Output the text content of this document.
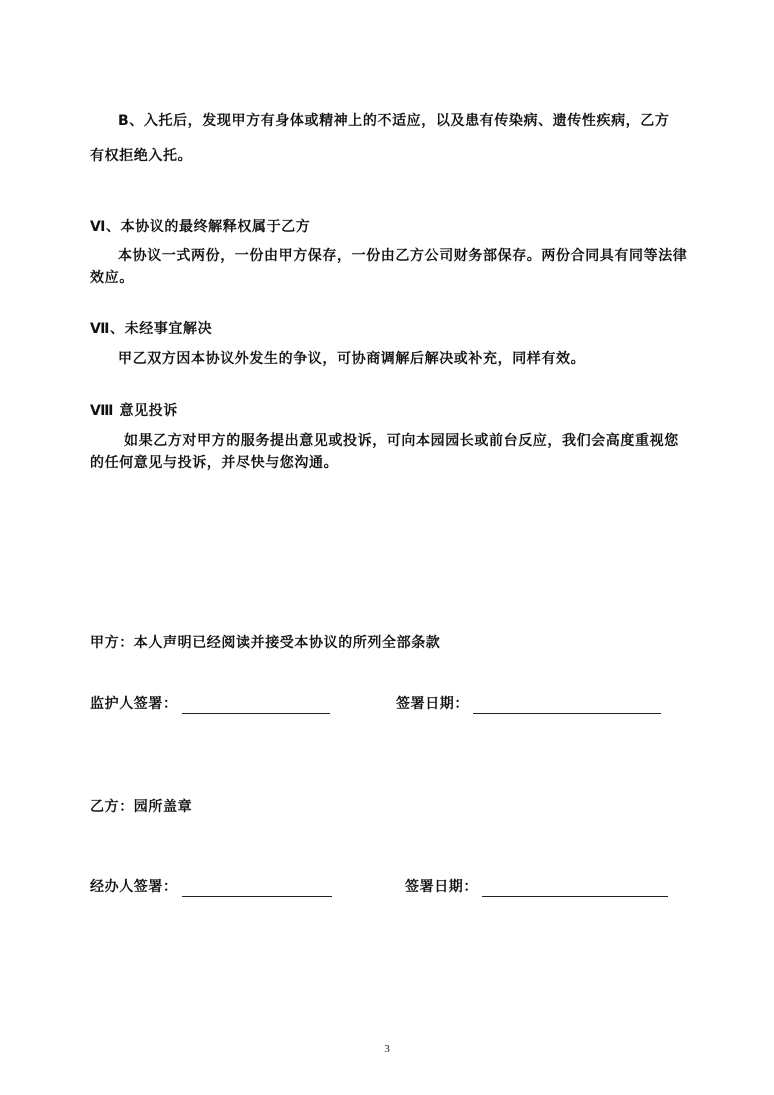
B、入托后，发现甲方有身体或精神上的不适应，以及患有传染病、遗传性疾病，乙方

有权拒绝入托。

Ⅵ、本协议的最终解释权属于乙方

本协议一式两份，一份由甲方保存，一份由乙方公司财务部保存。两份合同具有同等法律效应。

Ⅶ、未经事宜解决

甲乙双方因本协议外发生的争议，可协商调解后解决或补充，同样有效。

Ⅷ 意见投诉

如果乙方对甲方的服务提出意见或投诉，可向本园园长或前台反应，我们会高度重视您的任何意见与投诉，并尽快与您沟通。

甲方：本人声明已经阅读并接受本协议的所列全部条款

监护人签署：	签署日期：

乙方：园所盖章

经办人签署：	签署日期：
3
